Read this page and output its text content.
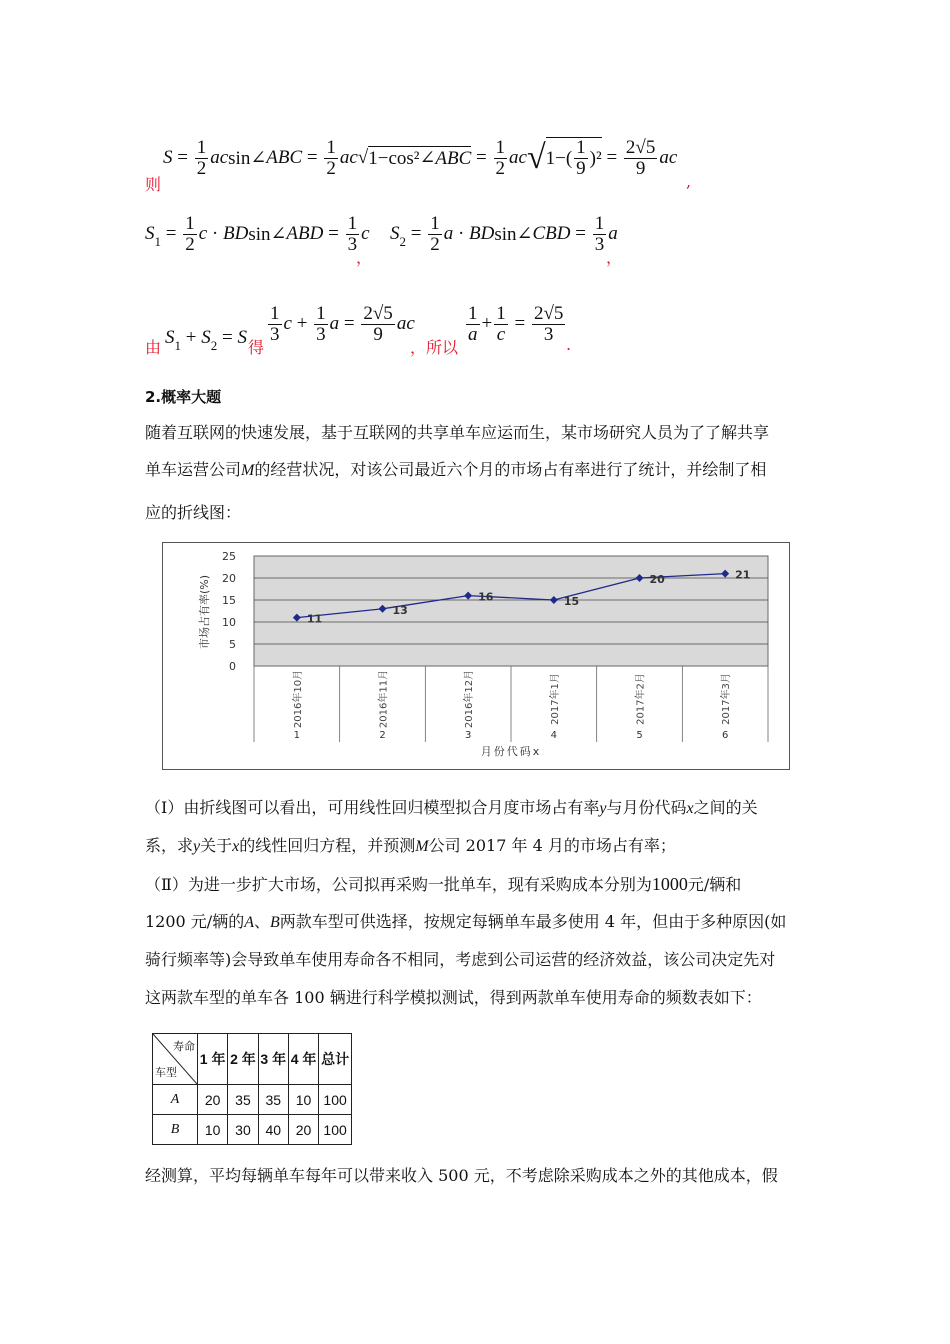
$S = \frac{1}{2}$ ac sin∠ ABC = $\frac{1}{2}$ ac √ 1−cos²∠ABC = $\frac{1}{2}$ ac √ $1-( \frac{1}{9} )^2 = \frac{2√5}{9}$ ac
则	,
S $1 = \frac{1}{2}$ c · BD sin∠ ABD = $\frac{1}{3}$ c
，
S $2 = \frac{1}{2}$ a · BD sin∠ CBD = $\frac{1}{3}$ a
，
由 S 1 + S 2 = S 得
$\frac{1}{3}$ $c + \frac{1}{3}$ $a = \frac{2√5}{9}$ ac
，所以
$\frac{1}{a} + \frac{1}{c} = \frac{2√5}{3}$
.
2.概率大题
随着互联网的快速发展，基于互联网的共享单车应运而生，某市场研究人员为了了解共享
单车运营公司M的经营状况，对该公司最近六个月的市场占有率进行了统计，并绘制了相
应的折线图：
0
5
10
15
20
25
2016年10月	2016年11月	2016年12月	2017年1月	2017年2月	2017年3月
1	2	3	4	5	6
11
13
16	15
20	21
市场占有率(%)
月份代码x
（Ⅰ）由折线图可以看出，可用线性回归模型拟合月度市场占有率y与月份代码x之间的关
系，求y关于x的线性回归方程，并预测M公司 2017 年 4 月的市场占有率；
（Ⅱ）为进一步扩大市场，公司拟再采购一批单车，现有采购成本分别为1000元/辆和
1200 元/辆的A、B两款车型可供选择，按规定每辆单车最多使用 4 年，但由于多种原因(如
骑行频率等)会导致单车使用寿命各不相同，考虑到公司运营的经济效益，该公司决定先对
这两款车型的单车各 100 辆进行科学模拟测试，得到两款单车使用寿命的频数表如下：
寿命
车型	1 年	2 年	3 年	4 年	总计
A	20	35	35	10	100
B	10	30	40	20	100
经测算，平均每辆单车每年可以带来收入 500 元，不考虑除采购成本之外的其他成本，假
